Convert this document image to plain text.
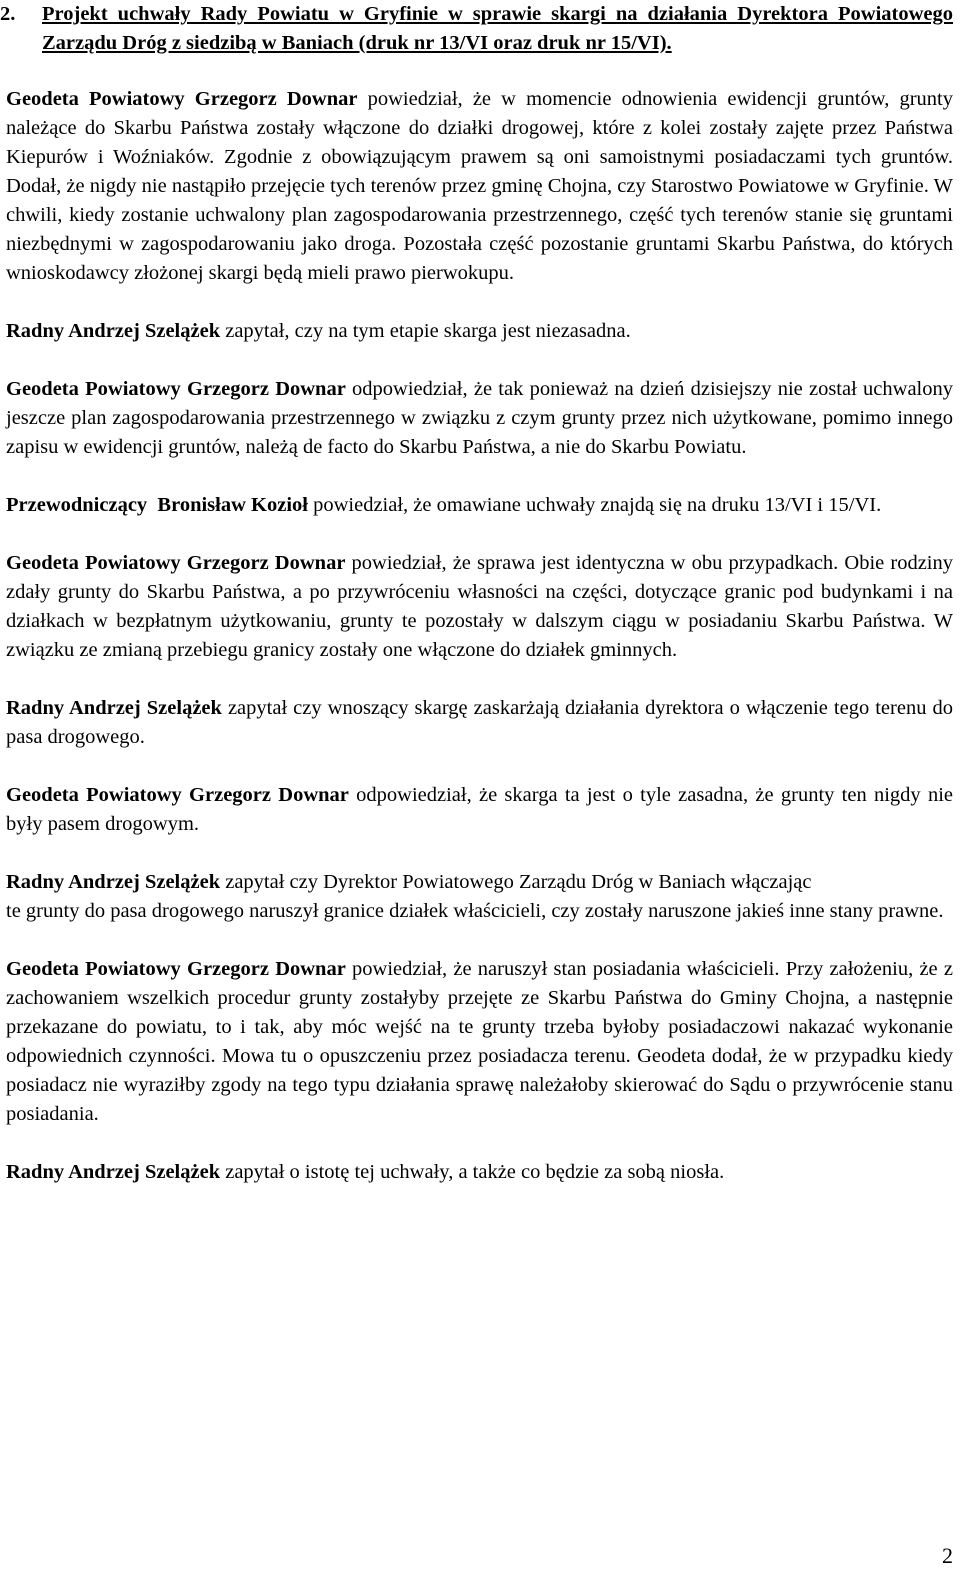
2. Projekt uchwały Rady Powiatu w Gryfinie w sprawie skargi na działania Dyrektora Powiatowego Zarządu Dróg z siedzibą w Baniach (druk nr 13/VI oraz druk nr 15/VI).

Geodeta Powiatowy Grzegorz Downar powiedział, że w momencie odnowienia ewidencji gruntów, grunty należące do Skarbu Państwa zostały włączone do działki drogowej, które z kolei zostały zajęte przez Państwa Kiepurów i Woźniaków. Zgodnie z obowiązującym prawem są oni samoistnymi posiadaczami tych gruntów. Dodał, że nigdy nie nastąpiło przejęcie tych terenów przez gminę Chojna, czy Starostwo Powiatowe w Gryfinie. W chwili, kiedy zostanie uchwalony plan zagospodarowania przestrzennego, część tych terenów stanie się gruntami niezbędnymi w zagospodarowaniu jako droga. Pozostała część pozostanie gruntami Skarbu Państwa, do których wnioskodawcy złożonej skargi będą mieli prawo pierwokupu.

Radny Andrzej Szelążek zapytał, czy na tym etapie skarga jest niezasadna.

Geodeta Powiatowy Grzegorz Downar odpowiedział, że tak ponieważ na dzień dzisiejszy nie został uchwalony jeszcze plan zagospodarowania przestrzennego w związku z czym grunty przez nich użytkowane, pomimo innego zapisu w ewidencji gruntów, należą de facto do Skarbu Państwa, a nie do Skarbu Powiatu.

Przewodniczący  Bronisław Kozioł powiedział, że omawiane uchwały znajdą się na druku 13/VI i 15/VI.

Geodeta Powiatowy Grzegorz Downar powiedział, że sprawa jest identyczna w obu przypadkach. Obie rodziny zdały grunty do Skarbu Państwa, a po przywróceniu własności na części, dotyczące granic pod budynkami i na działkach w bezpłatnym użytkowaniu, grunty te pozostały w dalszym ciągu w posiadaniu Skarbu Państwa. W związku ze zmianą przebiegu granicy zostały one włączone do działek gminnych.

Radny Andrzej Szelążek zapytał czy wnoszący skargę zaskarżają działania dyrektora o włączenie tego terenu do pasa drogowego.

Geodeta Powiatowy Grzegorz Downar odpowiedział, że skarga ta jest o tyle zasadna, że grunty ten nigdy nie były pasem drogowym.

Radny Andrzej Szelążek zapytał czy Dyrektor Powiatowego Zarządu Dróg w Baniach włączając
te grunty do pasa drogowego naruszył granice działek właścicieli, czy zostały naruszone jakieś inne stany prawne.

Geodeta Powiatowy Grzegorz Downar powiedział, że naruszył stan posiadania właścicieli. Przy założeniu, że z zachowaniem wszelkich procedur grunty zostałyby przejęte ze Skarbu Państwa do Gminy Chojna, a następnie przekazane do powiatu, to i tak, aby móc wejść na te grunty trzeba byłoby posiadaczowi nakazać wykonanie odpowiednich czynności. Mowa tu o opuszczeniu przez posiadacza terenu. Geodeta dodał, że w przypadku kiedy posiadacz nie wyraziłby zgody na tego typu działania sprawę należałoby skierować do Sądu o przywrócenie stanu posiadania.

Radny Andrzej Szelążek zapytał o istotę tej uchwały, a także co będzie za sobą niosła.

2
